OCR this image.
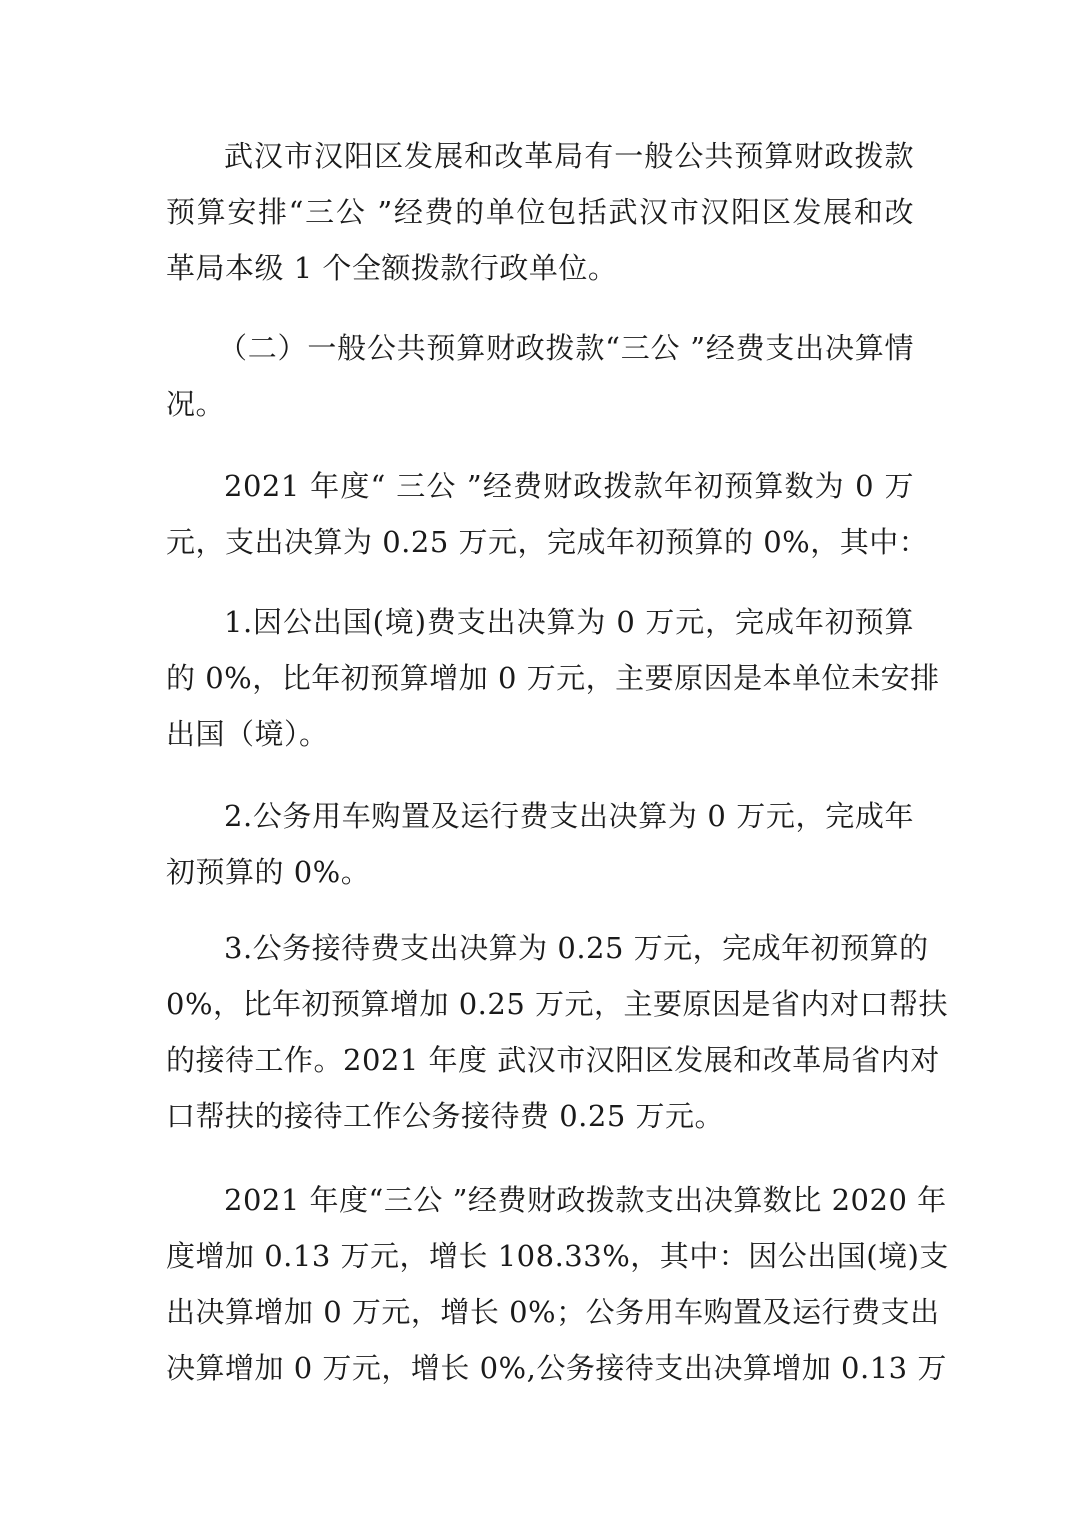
武汉市汉阳区发展和改革局有一般公共预算财政拨款
预算安排“三公 ”经费的单位包括武汉市汉阳区发展和改
革局本级 1 个全额拨款行政单位。
（二）一般公共预算财政拨款“三公 ”经费支出决算情
况。
2021 年度“ 三公 ”经费财政拨款年初预算数为 0 万
元，支出决算为 0.25 万元，完成年初预算的 0%，其中：
1.因公出国(境)费支出决算为 0 万元，完成年初预算
的 0%，比年初预算增加 0 万元，主要原因是本单位未安排
出国（境）。
2.公务用车购置及运行费支出决算为 0 万元，完成年
初预算的 0%。
3.公务接待费支出决算为 0.25 万元，完成年初预算的
0%，比年初预算增加 0.25 万元，主要原因是省内对口帮扶
的接待工作。2021 年度 武汉市汉阳区发展和改革局省内对
口帮扶的接待工作公务接待费 0.25 万元。
2021 年度“三公 ”经费财政拨款支出决算数比 2020 年
度增加 0.13 万元，增长 108.33%，其中：因公出国(境)支
出决算增加 0 万元，增长 0%；公务用车购置及运行费支出
决算增加 0 万元，增长 0%,公务接待支出决算增加 0.13 万
